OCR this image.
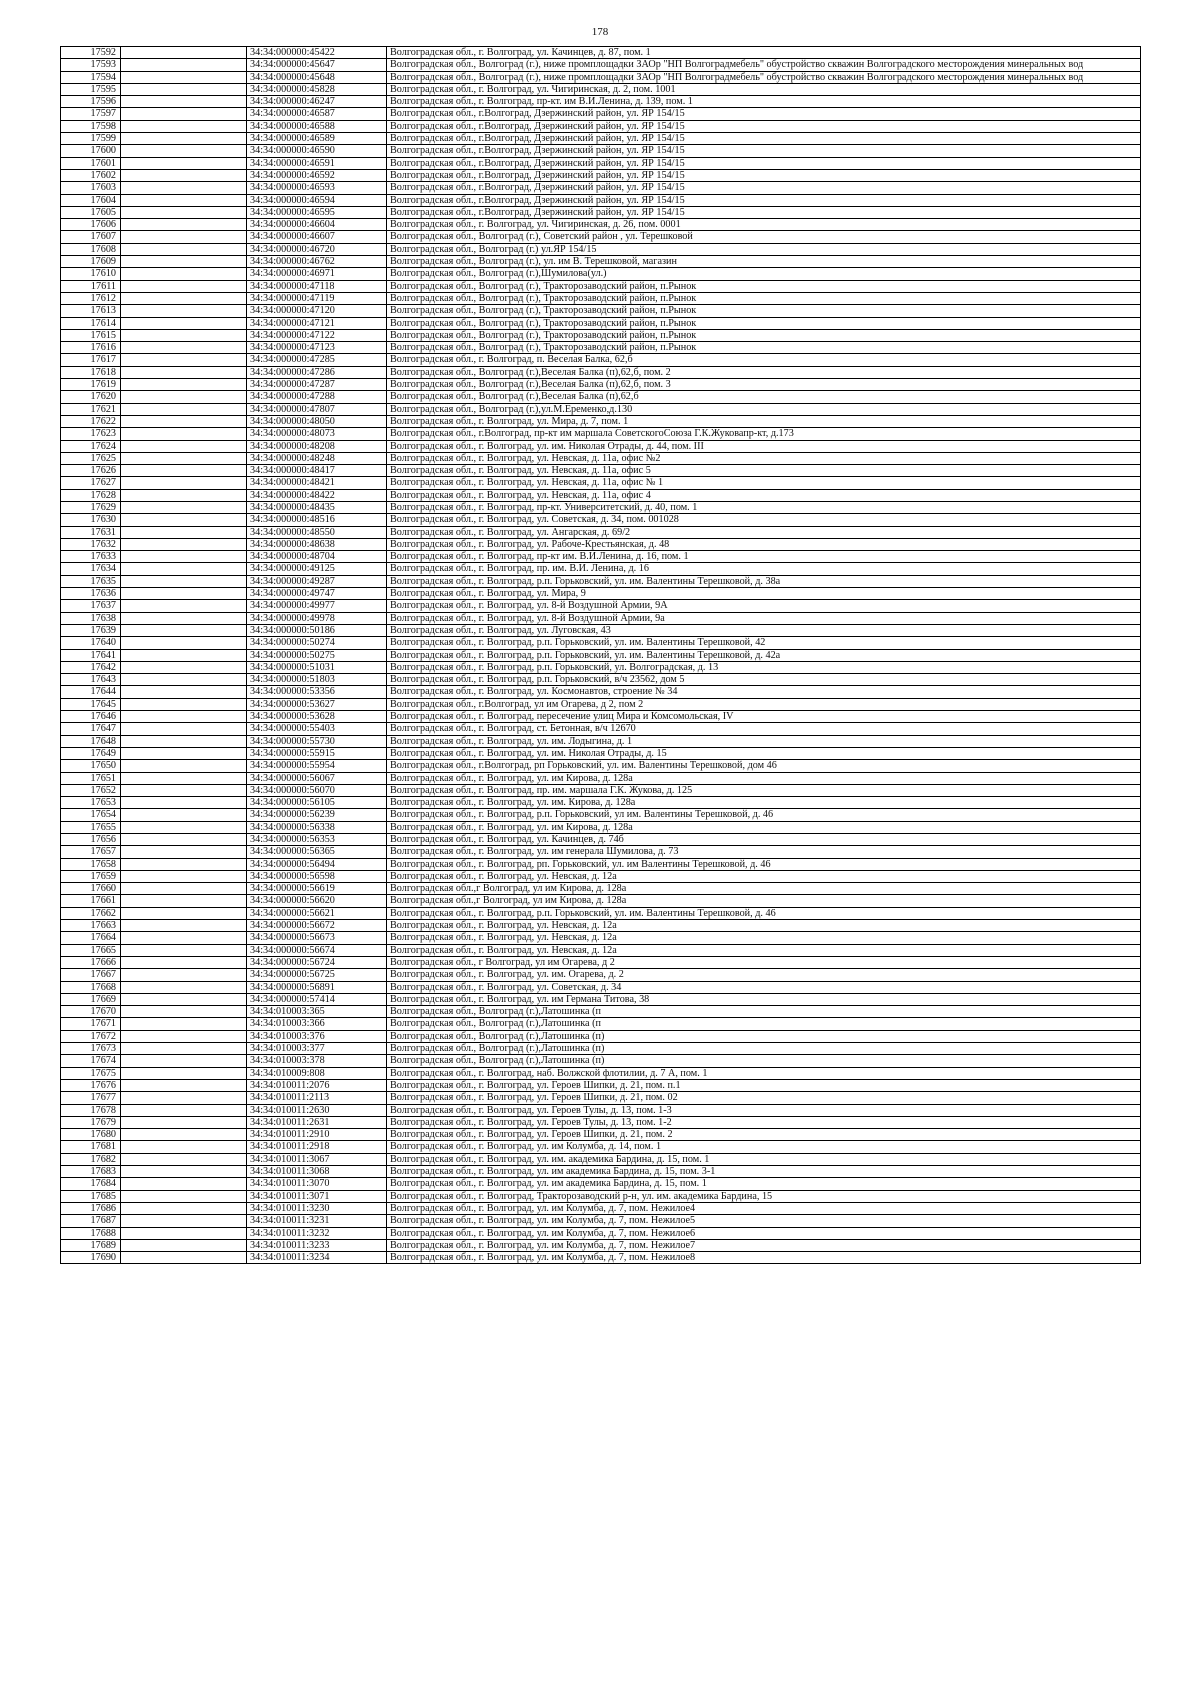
178
17592		34:34:000000:45422	Волгоградская обл., г. Волгоград, ул. Качинцев, д. 87, пом. 1
17593		34:34:000000:45647	Волгоградская обл., Волгоград (г.), ниже промплощадки ЗАОр "НП Волгоградмебель" обустройство скважин Волгоградского месторождения минеральных вод
17594		34:34:000000:45648	Волгоградская обл., Волгоград (г.), ниже промплощадки ЗАОр "НП Волгоградмебель" обустройство скважин Волгоградского месторождения минеральных вод
17595		34:34:000000:45828	Волгоградская обл., г. Волгоград, ул. Чигиринская, д. 2, пом. 1001
17596		34:34:000000:46247	Волгоградская обл., г. Волгоград, пр-кт. им В.И.Ленина, д. 139, пом. 1
17597		34:34:000000:46587	Волгоградская обл., г.Волгоград, Дзержинский район, ул. ЯР 154/15
17598		34:34:000000:46588	Волгоградская обл., г.Волгоград, Дзержинский район, ул. ЯР 154/15
17599		34:34:000000:46589	Волгоградская обл., г.Волгоград, Дзержинский район, ул. ЯР 154/15
17600		34:34:000000:46590	Волгоградская обл., г.Волгоград, Дзержинский район, ул. ЯР 154/15
17601		34:34:000000:46591	Волгоградская обл., г.Волгоград, Дзержинский район, ул. ЯР 154/15
17602		34:34:000000:46592	Волгоградская обл., г.Волгоград, Дзержинский район, ул. ЯР 154/15
17603		34:34:000000:46593	Волгоградская обл., г.Волгоград, Дзержинский район, ул. ЯР 154/15
17604		34:34:000000:46594	Волгоградская обл., г.Волгоград, Дзержинский район, ул. ЯР 154/15
17605		34:34:000000:46595	Волгоградская обл., г.Волгоград, Дзержинский район, ул. ЯР 154/15
17606		34:34:000000:46604	Волгоградская обл., г. Волгоград, ул. Чигиринская, д. 26, пом. 0001
17607		34:34:000000:46607	Волгоградская обл., Волгоград (г.), Советский район , ул. Терешковой
17608		34:34:000000:46720	Волгоградская обл., Волгоград (г.) ул.ЯР 154/15
17609		34:34:000000:46762	Волгоградская обл., Волгоград (г.), ул. им В. Терешковой, магазин
17610		34:34:000000:46971	Волгоградская обл., Волгоград (г.),Шумилова(ул.)
17611		34:34:000000:47118	Волгоградская обл., Волгоград (г.), Тракторозаводский район, п.Рынок
17612		34:34:000000:47119	Волгоградская обл., Волгоград (г.), Тракторозаводский район, п.Рынок
17613		34:34:000000:47120	Волгоградская обл., Волгоград (г.), Тракторозаводский район, п.Рынок
17614		34:34:000000:47121	Волгоградская обл., Волгоград (г.), Тракторозаводский район, п.Рынок
17615		34:34:000000:47122	Волгоградская обл., Волгоград (г.), Тракторозаводский район, п.Рынок
17616		34:34:000000:47123	Волгоградская обл., Волгоград (г.), Тракторозаводский район, п.Рынок
17617		34:34:000000:47285	Волгоградская обл., г. Волгоград, п. Веселая Балка, 62,б
17618		34:34:000000:47286	Волгоградская обл., Волгоград (г.),Веселая Балка (п),62,б, пом. 2
17619		34:34:000000:47287	Волгоградская обл., Волгоград (г.),Веселая Балка (п),62,б, пом. 3
17620		34:34:000000:47288	Волгоградская обл., Волгоград (г.),Веселая Балка (п),62,б
17621		34:34:000000:47807	Волгоградская обл., Волгоград (г.),ул.М.Еременко,д.130
17622		34:34:000000:48050	Волгоградская обл., г. Волгоград, ул. Мира, д. 7, пом. 1
17623		34:34:000000:48073	Волгоградская обл., г.Волгоград, пр-кт им маршала СоветскогоСоюза Г.К.Жуковапр-кт, д.173
17624		34:34:000000:48208	Волгоградская обл., г. Волгоград, ул. им. Николая Отрады, д. 44, пом. III
17625		34:34:000000:48248	Волгоградская обл., г. Волгоград, ул. Невская, д. 11а, офис №2
17626		34:34:000000:48417	Волгоградская обл., г. Волгоград, ул. Невская, д. 11а, офис 5
17627		34:34:000000:48421	Волгоградская обл., г. Волгоград, ул. Невская, д. 11а, офис № 1
17628		34:34:000000:48422	Волгоградская обл., г. Волгоград, ул. Невская, д. 11а, офис 4
17629		34:34:000000:48435	Волгоградская обл., г. Волгоград, пр-кт. Университетский, д. 40, пом. 1
17630		34:34:000000:48516	Волгоградская обл., г. Волгоград, ул. Советская, д. 34, пом. 001028
17631		34:34:000000:48550	Волгоградская обл., г. Волгоград, ул. Ангарская, д. 69/2
17632		34:34:000000:48638	Волгоградская обл., г. Волгоград, ул. Рабоче-Крестьянская, д. 48
17633		34:34:000000:48704	Волгоградская обл., г. Волгоград, пр-кт им. В.И.Ленина, д. 16, пом. 1
17634		34:34:000000:49125	Волгоградская обл., г. Волгоград, пр. им. В.И. Ленина, д. 16
17635		34:34:000000:49287	Волгоградская обл., г. Волгоград, р.п. Горьковский, ул. им. Валентины Терешковой, д. 38а
17636		34:34:000000:49747	Волгоградская обл., г. Волгоград, ул. Мира, 9
17637		34:34:000000:49977	Волгоградская обл., г. Волгоград, ул. 8-й Воздушной Армии, 9А
17638		34:34:000000:49978	Волгоградская обл., г. Волгоград, ул. 8-й Воздушной Армии, 9а
17639		34:34:000000:50186	Волгоградская обл., г. Волгоград, ул. Луговская, 43
17640		34:34:000000:50274	Волгоградская обл., г. Волгоград, р.п. Горьковский, ул. им. Валентины Терешковой, 42
17641		34:34:000000:50275	Волгоградская обл., г. Волгоград, р.п. Горьковский, ул. им. Валентины Терешковой, д. 42а
17642		34:34:000000:51031	Волгоградская обл., г. Волгоград, р.п. Горьковский, ул. Волгоградская, д. 13
17643		34:34:000000:51803	Волгоградская обл., г. Волгоград, р.п. Горьковский, в/ч 23562, дом 5
17644		34:34:000000:53356	Волгоградская обл., г. Волгоград, ул. Космонавтов, строение № 34
17645		34:34:000000:53627	Волгоградская обл., г.Волгоград, ул им Огарева, д 2, пом 2
17646		34:34:000000:53628	Волгоградская обл., г. Волгоград, пересечение улиц Мира и Комсомольская, IV
17647		34:34:000000:55403	Волгоградская обл., г. Волгоград, ст. Бетонная, в/ч 12670
17648		34:34:000000:55730	Волгоградская обл., г. Волгоград, ул. им. Лодыгина, д. 1
17649		34:34:000000:55915	Волгоградская обл., г. Волгоград, ул. им. Николая Отрады, д. 15
17650		34:34:000000:55954	Волгоградская обл., г.Волгоград, рп Горьковский, ул. им. Валентины Терешковой, дом 46
17651		34:34:000000:56067	Волгоградская обл., г. Волгоград, ул. им Кирова, д. 128а
17652		34:34:000000:56070	Волгоградская обл., г. Волгоград, пр. им. маршала Г.К. Жукова, д. 125
17653		34:34:000000:56105	Волгоградская обл., г. Волгоград, ул. им. Кирова, д. 128а
17654		34:34:000000:56239	Волгоградская обл., г. Волгоград, р.п. Горьковский, ул им. Валентины Терешковой, д. 46
17655		34:34:000000:56338	Волгоградская обл., г. Волгоград, ул. им Кирова, д. 128а
17656		34:34:000000:56353	Волгоградская обл., г. Волгоград, ул. Качинцев, д. 74б
17657		34:34:000000:56365	Волгоградская обл., г. Волгоград, ул. им генерала Шумилова, д. 73
17658		34:34:000000:56494	Волгоградская обл., г. Волгоград, рп. Горьковский, ул. им Валентины Терешковой, д. 46
17659		34:34:000000:56598	Волгоградская обл., г. Волгоград, ул. Невская, д. 12а
17660		34:34:000000:56619	Волгоградская обл.,г Волгоград, ул им Кирова, д. 128а
17661		34:34:000000:56620	Волгоградская обл.,г Волгоград, ул им Кирова, д. 128а
17662		34:34:000000:56621	Волгоградская обл., г. Волгоград, р.п. Горьковский, ул. им. Валентины Терешковой, д. 46
17663		34:34:000000:56672	Волгоградская обл., г. Волгоград, ул. Невская, д. 12а
17664		34:34:000000:56673	Волгоградская обл., г. Волгоград, ул. Невская, д. 12а
17665		34:34:000000:56674	Волгоградская обл., г. Волгоград, ул. Невская, д. 12а
17666		34:34:000000:56724	Волгоградская обл., г Волгоград, ул им Огарева, д 2
17667		34:34:000000:56725	Волгоградская обл., г. Волгоград, ул. им. Огарева, д. 2
17668		34:34:000000:56891	Волгоградская обл., г. Волгоград, ул. Советская, д. 34
17669		34:34:000000:57414	Волгоградская обл., г. Волгоград, ул. им Германа Титова, 38
17670		34:34:010003:365	Волгоградская обл., Волгоград (г.),Латошинка (п
17671		34:34:010003:366	Волгоградская обл., Волгоград (г.),Латошинка (п
17672		34:34:010003:376	Волгоградская обл., Волгоград (г.),Латошинка (п)
17673		34:34:010003:377	Волгоградская обл., Волгоград (г.),Латошинка (п)
17674		34:34:010003:378	Волгоградская обл., Волгоград (г.),Латошинка (п)
17675		34:34:010009:808	Волгоградская обл., г. Волгоград, наб. Волжской флотилии, д. 7 А, пом. 1
17676		34:34:010011:2076	Волгоградская обл., г. Волгоград, ул. Героев Шипки, д. 21, пом. п.1
17677		34:34:010011:2113	Волгоградская обл., г. Волгоград, ул. Героев Шипки, д. 21, пом. 02
17678		34:34:010011:2630	Волгоградская обл., г. Волгоград, ул. Героев Тулы, д. 13, пом. 1-3
17679		34:34:010011:2631	Волгоградская обл., г. Волгоград, ул. Героев Тулы, д. 13, пом. 1-2
17680		34:34:010011:2910	Волгоградская обл., г. Волгоград, ул. Героев Шипки, д. 21, пом. 2
17681		34:34:010011:2918	Волгоградская обл., г. Волгоград, ул. им Колумба, д. 14, пом. 1
17682		34:34:010011:3067	Волгоградская обл., г. Волгоград, ул. им. академика Бардина, д. 15, пом. 1
17683		34:34:010011:3068	Волгоградская обл., г. Волгоград, ул. им академика Бардина, д. 15, пом. 3-1
17684		34:34:010011:3070	Волгоградская обл., г. Волгоград, ул. им академика Бардина, д. 15, пом. 1
17685		34:34:010011:3071	Волгоградская обл., г. Волгоград, Тракторозаводский р-н, ул. им. академика Бардина, 15
17686		34:34:010011:3230	Волгоградская обл., г. Волгоград, ул. им Колумба, д. 7, пом. Нежилое4
17687		34:34:010011:3231	Волгоградская обл., г. Волгоград, ул. им Колумба, д. 7, пом. Нежилое5
17688		34:34:010011:3232	Волгоградская обл., г. Волгоград, ул. им Колумба, д. 7, пом. Нежилое6
17689		34:34:010011:3233	Волгоградская обл., г. Волгоград, ул. им Колумба, д. 7, пом. Нежилое7
17690		34:34:010011:3234	Волгоградская обл., г. Волгоград, ул. им Колумба, д. 7, пом. Нежилое8
